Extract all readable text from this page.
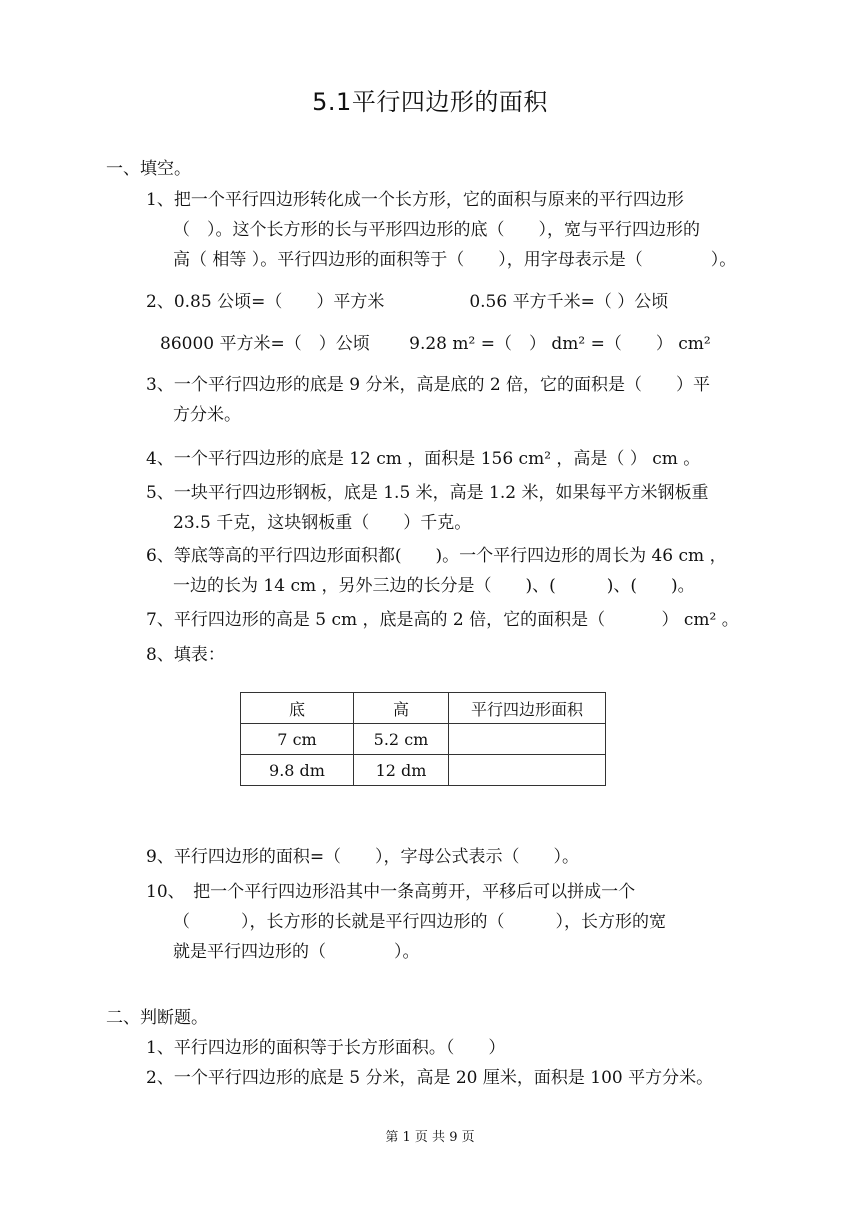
5.1平行四边形的面积
一、填空。
1、把一个平行四边形转化成一个长方形，它的面积与原来的平行四边形
（　）。这个长方形的长与平形四边形的底（　　），宽与平行四边形的
高（ 相等 ）。平行四边形的面积等于（　　），用字母表示是（　　　　）。
2、0.85 公顷=（　　）平方米　　　　　0.56 平方千米=（ ）公顷
86000 平方米=（　）公顷　　 9.28 m² =（　） dm² =（　　） cm²
3、一个平行四边形的底是 9 分米，高是底的 2 倍，它的面积是（　　）平
方分米。
4、一个平行四边形的底是 12 cm ，面积是 156 cm² ，高是（ ） cm 。
5、一块平行四边形钢板，底是 1.5 米，高是 1.2 米，如果每平方米钢板重
23.5 千克，这块钢板重（　　）千克。
6、等底等高的平行四边形面积都(　　)。一个平行四边形的周长为 46 cm ，
一边的长为 14 cm ，另外三边的长分是（　　)、(　　　)、(　　)。
7、平行四边形的高是 5 cm ，底是高的 2 倍，它的面积是（　　　 ） cm² 。
8、填表：
底	高	平行四边形面积
7 cm	5.2 cm	
9.8 dm	12 dm	
9、平行四边形的面积=（　　），字母公式表示（　　）。
10、　把一个平行四边形沿其中一条高剪开，平移后可以拼成一个
（　　　），长方形的长就是平行四边形的（　　　），长方形的宽
就是平行四边形的（　　　　）。
二、判断题。
1、平行四边形的面积等于长方形面积。（　　）
2、一个平行四边形的底是 5 分米，高是 20 厘米，面积是 100 平方分米。
第 1 页 共 9 页
